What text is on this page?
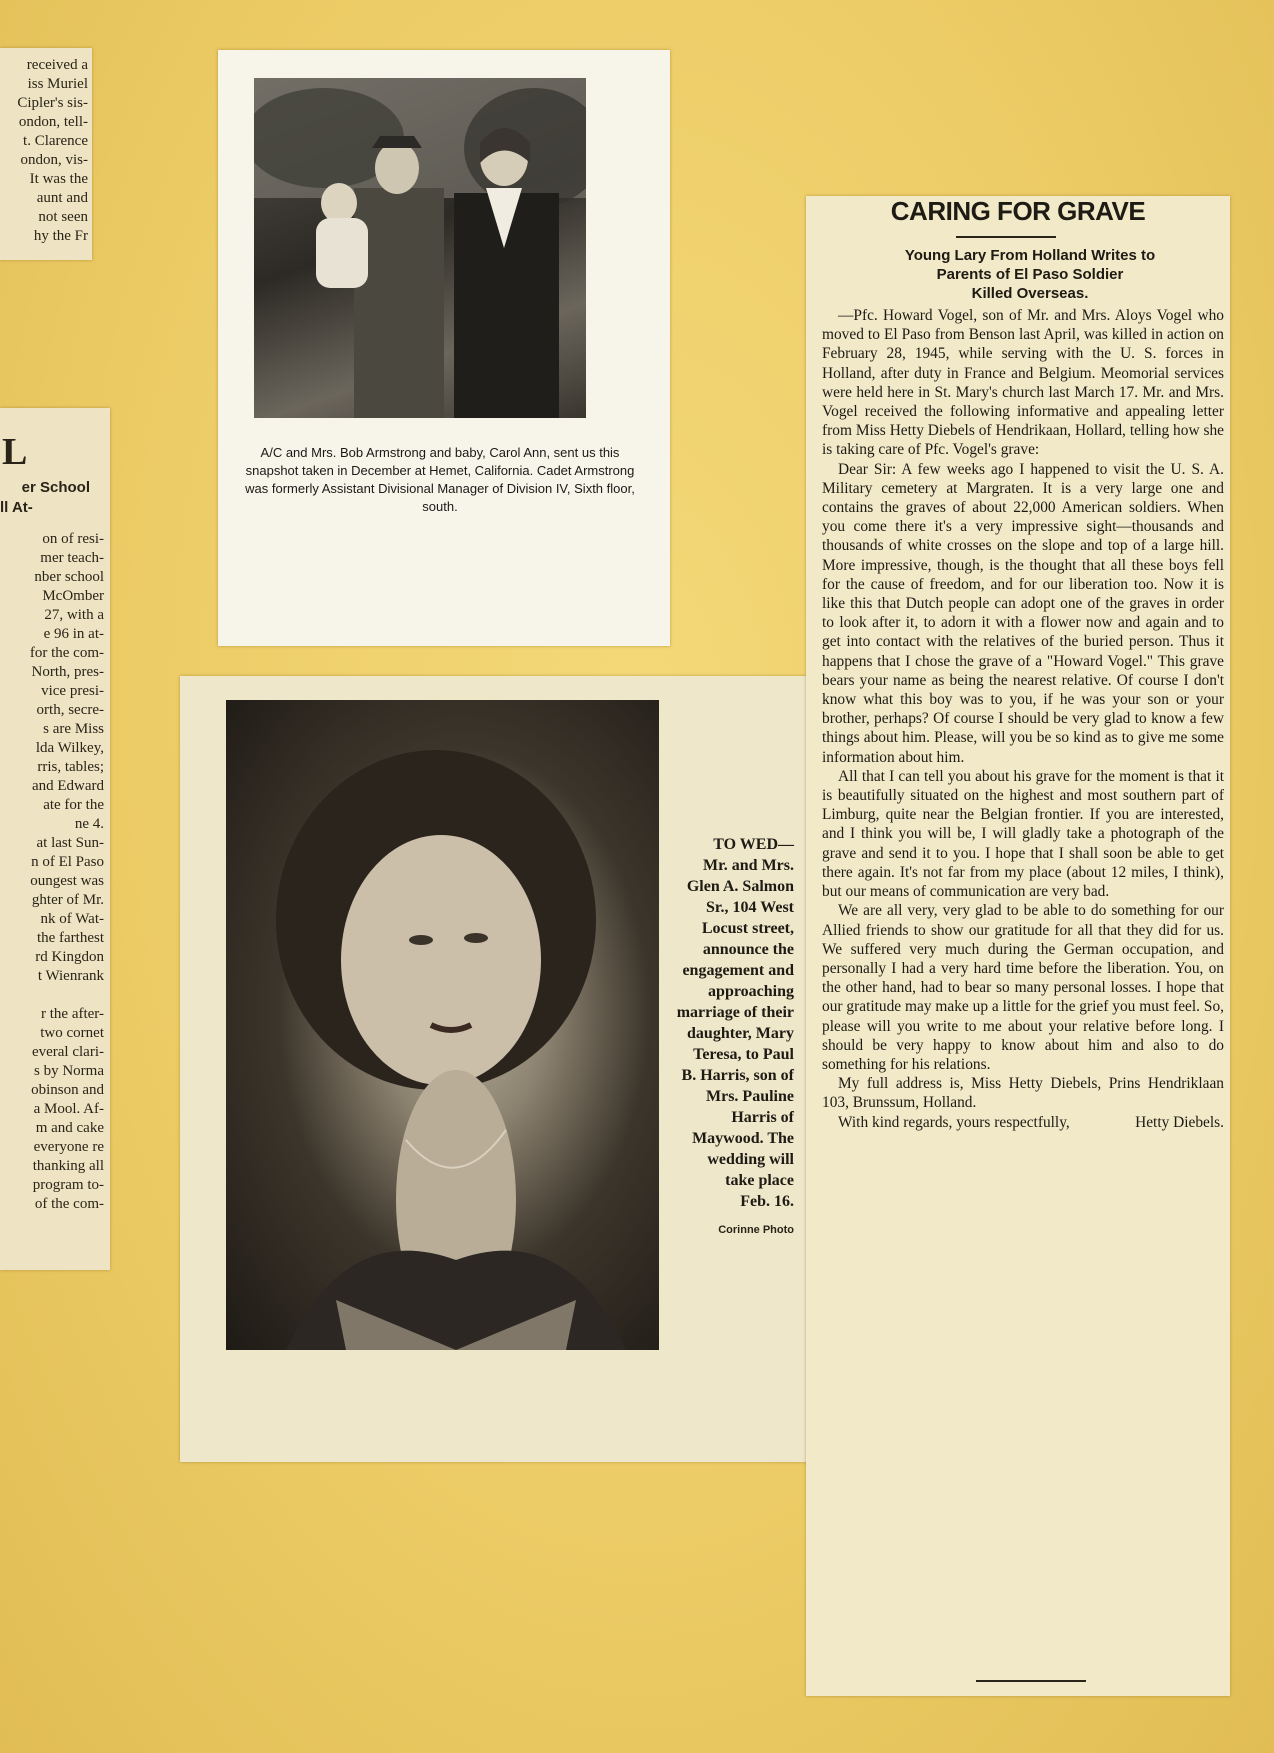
received a

iss Muriel

Cipler's sis-

ondon, tell-

t. Clarence

ondon, vis-

It was the

aunt and

not seen

hy the Fr

L
er School
ll At-

on of resi-

mer teach-

nber school

McOmber

27, with a

e 96 in at-

for the com-

North, pres-

vice presi-

orth, secre-

s are Miss

lda Wilkey,

rris, tables;

and Edward

ate for the

ne 4.

at last Sun-

n of El Paso

oungest was

ghter of Mr.

nk of Wat-

the farthest

rd Kingdon

t Wienrank

r the after-

two cornet

everal clari-

s by Norma

obinson and

a Mool. Af-

m and cake

everyone re

thanking all

program to-

of the com-

A/C and Mrs. Bob Armstrong and baby, Carol Ann, sent us this snapshot taken in December at Hemet, California. Cadet Armstrong was formerly Assistant Divisional Manager of Division IV, Sixth floor, south.
TO WED—
Mr. and Mrs.
Glen A. Salmon
Sr., 104 West
Locust street,
announce the
engagement and
approaching
marriage of their
daughter, Mary
Teresa, to Paul
B. Harris, son of
Mrs. Pauline
Harris of
Maywood. The
wedding will
take place
Feb. 16.
Corinne Photo
CARING FOR GRAVE
Young Lary From Holland Writes to
Parents of El Paso Soldier
Killed Overseas.

—Pfc. Howard Vogel, son of Mr. and Mrs. Aloys Vogel who moved to El Paso from Benson last April, was killed in action on February 28, 1945, while serving with the U. S. forces in Holland, after duty in France and Belgium. Meomorial services were held here in St. Mary's church last March 17. Mr. and Mrs. Vogel received the following informative and appealing letter from Miss Hetty Diebels of Hendrikaan, Hollard, telling how she is taking care of Pfc. Vogel's grave:

Dear Sir: A few weeks ago I happened to visit the U. S. A. Military cemetery at Margraten. It is a very large one and contains the graves of about 22,000 American soldiers. When you come there it's a very impressive sight—thousands and thousands of white crosses on the slope and top of a large hill. More impressive, though, is the thought that all these boys fell for the cause of freedom, and for our liberation too. Now it is like this that Dutch people can adopt one of the graves in order to look after it, to adorn it with a flower now and again and to get into contact with the relatives of the buried person. Thus it happens that I chose the grave of a "Howard Vogel." This grave bears your name as being the nearest relative. Of course I don't know what this boy was to you, if he was your son or your brother, perhaps? Of course I should be very glad to know a few things about him. Please, will you be so kind as to give me some information about him.

All that I can tell you about his grave for the moment is that it is beautifully situated on the highest and most southern part of Limburg, quite near the Belgian frontier. If you are interested, and I think you will be, I will gladly take a photograph of the grave and send it to you. I hope that I shall soon be able to get there again. It's not far from my place (about 12 miles, I think), but our means of communication are very bad.

We are all very, very glad to be able to do something for our Allied friends to show our gratitude for all that they did for us. We suffered very much during the German occupation, and personally I had a very hard time before the liberation. You, on the other hand, had to bear so many personal losses. I hope that our gratitude may make up a little for the grief you must feel. So, please will you write to me about your relative before long. I should be very happy to know about him and also to do something for his relations.

My full address is, Miss Hetty Diebels, Prins Hendriklaan 103, Brunssum, Holland.

With kind regards, yours respectfully,	Hetty Diebels.
